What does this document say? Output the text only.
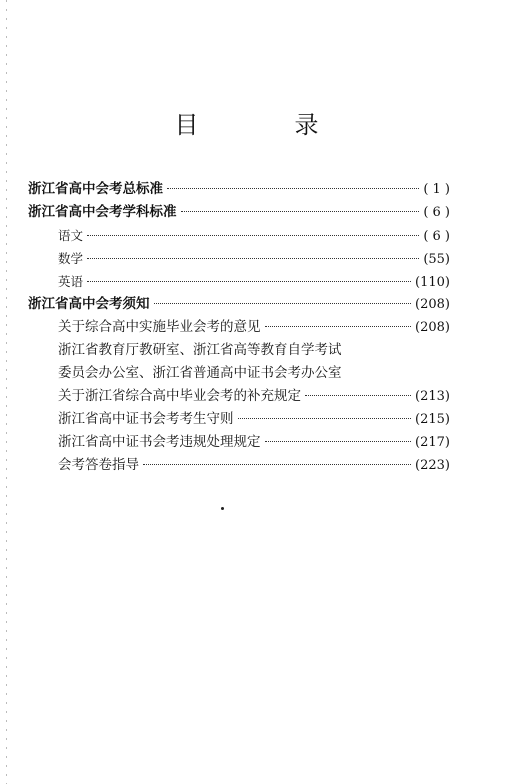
目　录
浙江省高中会考总标准	( 1 )
浙江省高中会考学科标准	( 6 )
语文	( 6 )
数学	(55)
英语	(110)
浙江省高中会考须知	(208)
关于综合高中实施毕业会考的意见	(208)
浙江省教育厅教研室、浙江省高等教育自学考试
委员会办公室、浙江省普通高中证书会考办公室
关于浙江省综合高中毕业会考的补充规定	(213)
浙江省高中证书会考考生守则	(215)
浙江省高中证书会考违规处理规定	(217)
会考答卷指导	(223)
